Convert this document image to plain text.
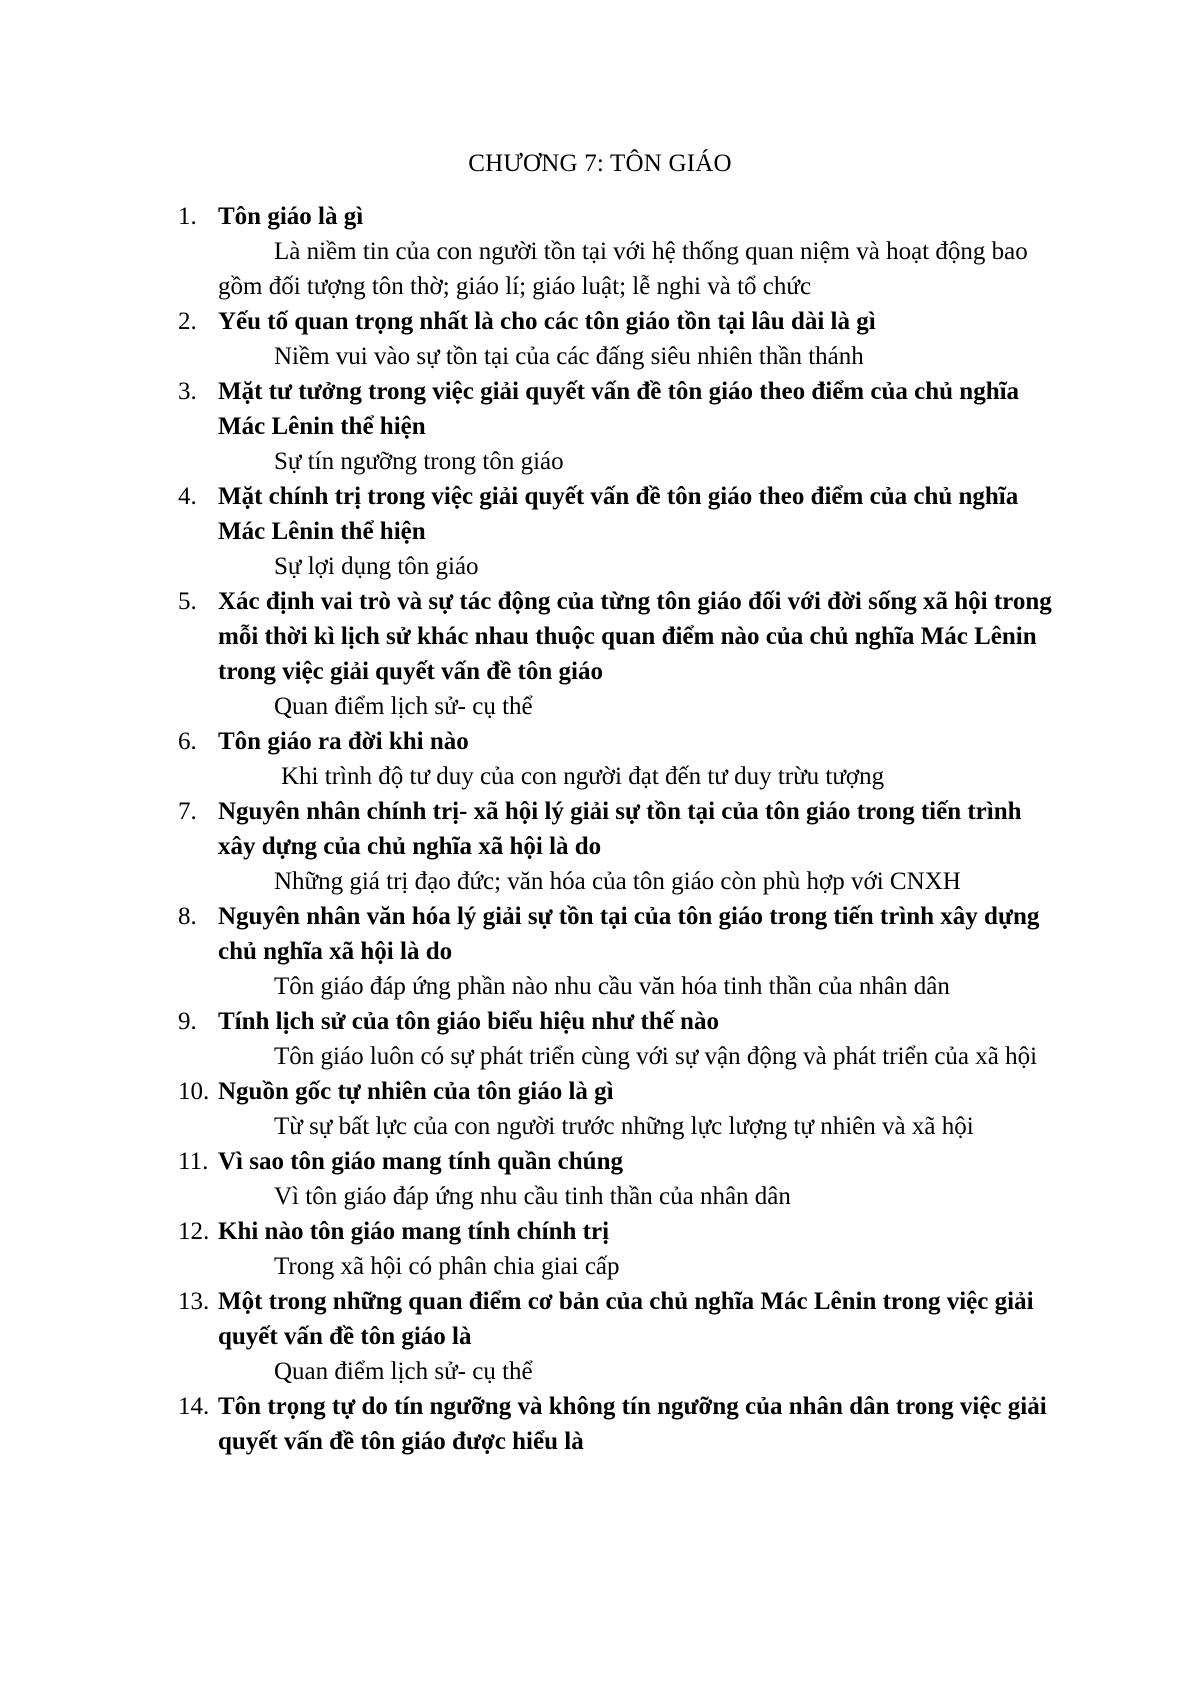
CHƯƠNG 7: TÔN GIÁO
1. Tôn giáo là gì
Là niềm tin của con người tồn tại với hệ thống quan niệm và hoạt động bao gồm đối tượng tôn thờ; giáo lí; giáo luật; lễ nghi và tổ chức
2. Yếu tố quan trọng nhất là cho các tôn giáo tồn tại lâu dài là gì
Niềm vui vào sự tồn tại của các đấng siêu nhiên thần thánh
3. Mặt tư tưởng trong việc giải quyết vấn đề tôn giáo theo điểm của chủ nghĩa Mác Lênin thể hiện
Sự tín ngưỡng trong tôn giáo
4. Mặt chính trị trong việc giải quyết vấn đề tôn giáo theo điểm của chủ nghĩa Mác Lênin thể hiện
Sự lợi dụng tôn giáo
5. Xác định vai trò và sự tác động của từng tôn giáo đối với đời sống xã hội trong mỗi thời kì lịch sử khác nhau thuộc quan điểm nào của chủ nghĩa Mác Lênin trong việc giải quyết vấn đề tôn giáo
Quan điểm lịch sử- cụ thể
6. Tôn giáo ra đời khi nào
Khi trình độ tư duy của con người đạt đến tư duy trừu tượng
7. Nguyên nhân chính trị- xã hội lý giải sự tồn tại của tôn giáo trong tiến trình xây dựng của chủ nghĩa xã hội là do
Những giá trị đạo đức; văn hóa của tôn giáo còn phù hợp với CNXH
8. Nguyên nhân văn hóa lý giải sự tồn tại của tôn giáo trong tiến trình xây dựng chủ nghĩa xã hội là do
Tôn giáo đáp ứng phần nào nhu cầu văn hóa tinh thần của nhân dân
9. Tính lịch sử của tôn giáo biểu hiệu như thế nào
Tôn giáo luôn có sự phát triển cùng với sự vận động và phát triển của xã hội
10. Nguồn gốc tự nhiên của tôn giáo là gì
Từ sự bất lực của con người trước những lực lượng tự nhiên và xã hội
11. Vì sao tôn giáo mang tính quần chúng
Vì tôn giáo đáp ứng nhu cầu tinh thần của nhân dân
12. Khi nào tôn giáo mang tính chính trị
Trong xã hội có phân chia giai cấp
13. Một trong những quan điểm cơ bản của chủ nghĩa Mác Lênin trong việc giải quyết vấn đề tôn giáo là
Quan điểm lịch sử- cụ thể
14. Tôn trọng tự do tín ngưỡng và không tín ngưỡng của nhân dân trong việc giải quyết vấn đề tôn giáo được hiểu là
